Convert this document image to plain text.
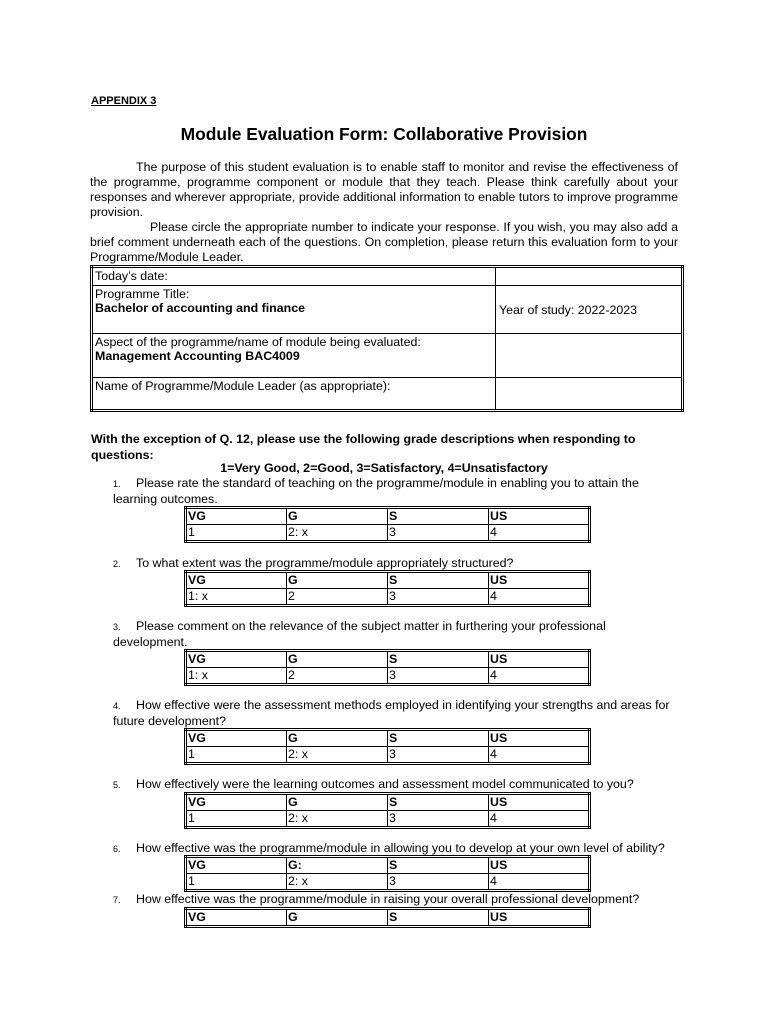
APPENDIX 3
Module Evaluation Form: Collaborative Provision

The purpose of this student evaluation is to enable staff to monitor and revise the effectiveness of the programme, programme component or module that they teach. Please think carefully about your responses and wherever appropriate, provide additional information to enable tutors to improve programme provision.

Please circle the appropriate number to indicate your response. If you wish, you may also add a brief comment underneath each of the questions. On completion, please return this evaluation form to your Programme/Module Leader.

Today’s date:	

Programme Title:
Bachelor of accounting and finance	Year of study: 2022-2023

Aspect of the programme/name of module being evaluated:
Management Accounting BAC4009	

Name of Programme/Module Leader (as appropriate):	
With the exception of Q. 12, please use the following grade descriptions when responding to questions:
1=Very Good, 2=Good, 3=Satisfactory, 4=Unsatisfactory
1. Please rate the standard of teaching on the programme/module in enabling you to attain the learning outcomes.
VG	G	S	US
1	2: x	3	4
2. To what extent was the programme/module appropriately structured?
VG	G	S	US
1: x	2	3	4
3. Please comment on the relevance of the subject matter in furthering your professional development.
VG	G	S	US
1: x	2	3	4
4. How effective were the assessment methods employed in identifying your strengths and areas for future development?
VG	G	S	US
1	2: x	3	4
5. How effectively were the learning outcomes and assessment model communicated to you?
VG	G	S	US
1	2: x	3	4
6. How effective was the programme/module in allowing you to develop at your own level of ability?
VG	G:	S	US
1	2: x	3	4
7. How effective was the programme/module in raising your overall professional development?
VG	G	S	US
